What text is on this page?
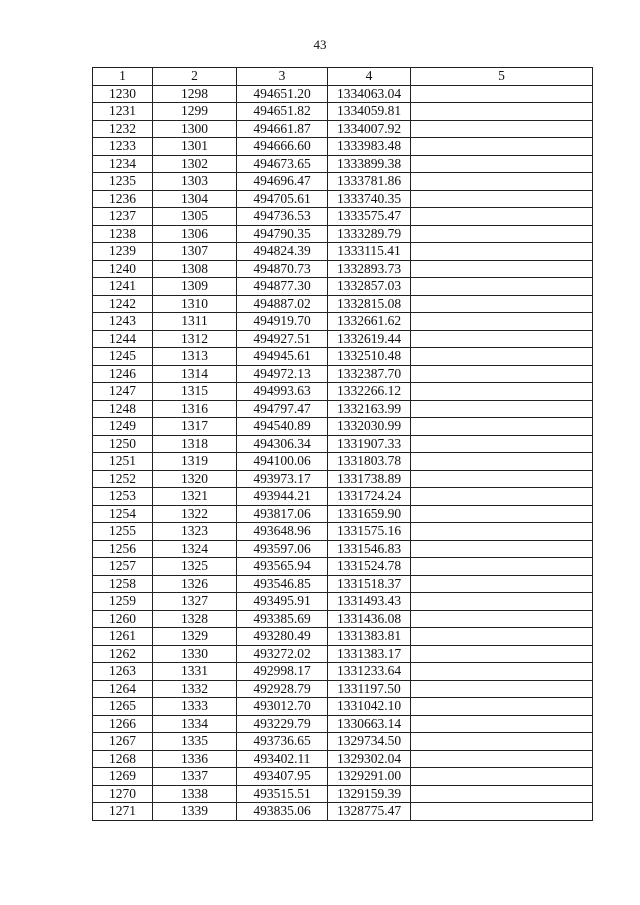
43
1	2	3	4	5
1230	1298	494651.20	1334063.04	
1231	1299	494651.82	1334059.81	
1232	1300	494661.87	1334007.92	
1233	1301	494666.60	1333983.48	
1234	1302	494673.65	1333899.38	
1235	1303	494696.47	1333781.86	
1236	1304	494705.61	1333740.35	
1237	1305	494736.53	1333575.47	
1238	1306	494790.35	1333289.79	
1239	1307	494824.39	1333115.41	
1240	1308	494870.73	1332893.73	
1241	1309	494877.30	1332857.03	
1242	1310	494887.02	1332815.08	
1243	1311	494919.70	1332661.62	
1244	1312	494927.51	1332619.44	
1245	1313	494945.61	1332510.48	
1246	1314	494972.13	1332387.70	
1247	1315	494993.63	1332266.12	
1248	1316	494797.47	1332163.99	
1249	1317	494540.89	1332030.99	
1250	1318	494306.34	1331907.33	
1251	1319	494100.06	1331803.78	
1252	1320	493973.17	1331738.89	
1253	1321	493944.21	1331724.24	
1254	1322	493817.06	1331659.90	
1255	1323	493648.96	1331575.16	
1256	1324	493597.06	1331546.83	
1257	1325	493565.94	1331524.78	
1258	1326	493546.85	1331518.37	
1259	1327	493495.91	1331493.43	
1260	1328	493385.69	1331436.08	
1261	1329	493280.49	1331383.81	
1262	1330	493272.02	1331383.17	
1263	1331	492998.17	1331233.64	
1264	1332	492928.79	1331197.50	
1265	1333	493012.70	1331042.10	
1266	1334	493229.79	1330663.14	
1267	1335	493736.65	1329734.50	
1268	1336	493402.11	1329302.04	
1269	1337	493407.95	1329291.00	
1270	1338	493515.51	1329159.39	
1271	1339	493835.06	1328775.47	
